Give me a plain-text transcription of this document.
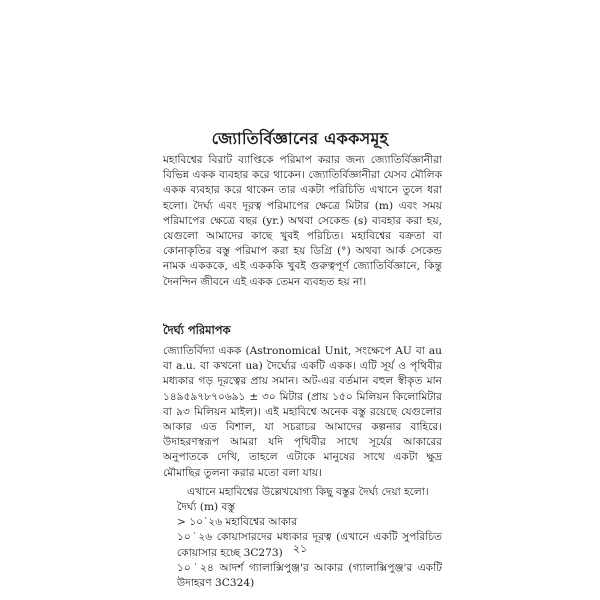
জ্যোতির্বিজ্ঞানের এককসমূহ

মহাবিশ্বের বিরাট ব্যাপ্তিকে পরিমাপ করার জন্য জ্যোতির্বিজ্ঞানীরা বিভিন্ন একক ব্যবহার করে থাকেন। জ্যোতির্বিজ্ঞানীরা যেসব মৌলিক একক ব্যবহার করে থাকেন তার একটা পরিচিতি এখানে তুলে ধরা হলো। দৈর্ঘ্য এবং দূরত্ব পরিমাপের ক্ষেত্রে মিটার (m) এবং সময় পরিমাপের ক্ষেত্রে বছর (yr.) অথবা সেকেন্ড (s) ব্যবহার করা হয়, যেগুলো আমাদের কাছে খুবই পরিচিত। মহাবিশ্বের বক্রতা বা কোনাকৃতির বস্তু পরিমাপ করা হয় ডিগ্রি (°) অথবা আর্ক সেকেন্ড নামক একককে, এই একককি খুবই গুরুত্বপূর্ণ জ্যোতির্বিজ্ঞানে, কিন্তু দৈনন্দিন জীবনে এই একক তেমন ব্যবহৃত হয় না।

দৈর্ঘ্য পরিমাপক

জ্যোতির্বিদ্যা একক (Astronomical Unit, সংক্ষেপে AU বা au বা a.u. বা কখনো ua) দৈর্ঘ্যের একটি একক। এটি সূর্য ও পৃথিবীর মধ্যকার গড় দূরত্বের প্রায় সমান। অট-এর বর্তমান বহুল স্বীকৃত মান ১৪৯৫৯৭৮৭০৬৯১ ± ৩০ মিটার (প্রায় ১৫০ মিলিয়ন কিলোমিটার বা ৯৩ মিলিয়ন মাইল)। এই মহাবিশ্বে অনেক বস্তু রয়েছে যেগুলোর আকার এত বিশাল, যা সচরাচর আমাদের কল্পনার বাহিরে। উদাহরণস্বরূপ আমরা যদি পৃথিবীর সাথে সূর্যের আকারের অনুপাতকে দেখি, তাহলে এটাকে মানুষের সাথে একটা ক্ষুদ্র মৌমাছির তুলনা করার মতো বলা যায়।

এখানে মহাবিশ্বের উল্লেখযোগ্য কিছু বস্তুর দৈর্ঘ্য দেয়া হলো।
দৈর্ঘ্য (m) বস্তু
> ১০˙২৬ মহাবিশ্বের আকার
১০˙২৬ কোয়াসারদের মধ্যকার দূরত্ব (এখানে একটি সুপরিচিত কোয়াসার হচ্ছে 3C273)
১০˙২৪ আদর্শ গ্যালাক্সিপুঞ্জ'র আকার (গ্যালাক্সিপুঞ্জ'র একটি উদাহরণ 3C324)
২১
